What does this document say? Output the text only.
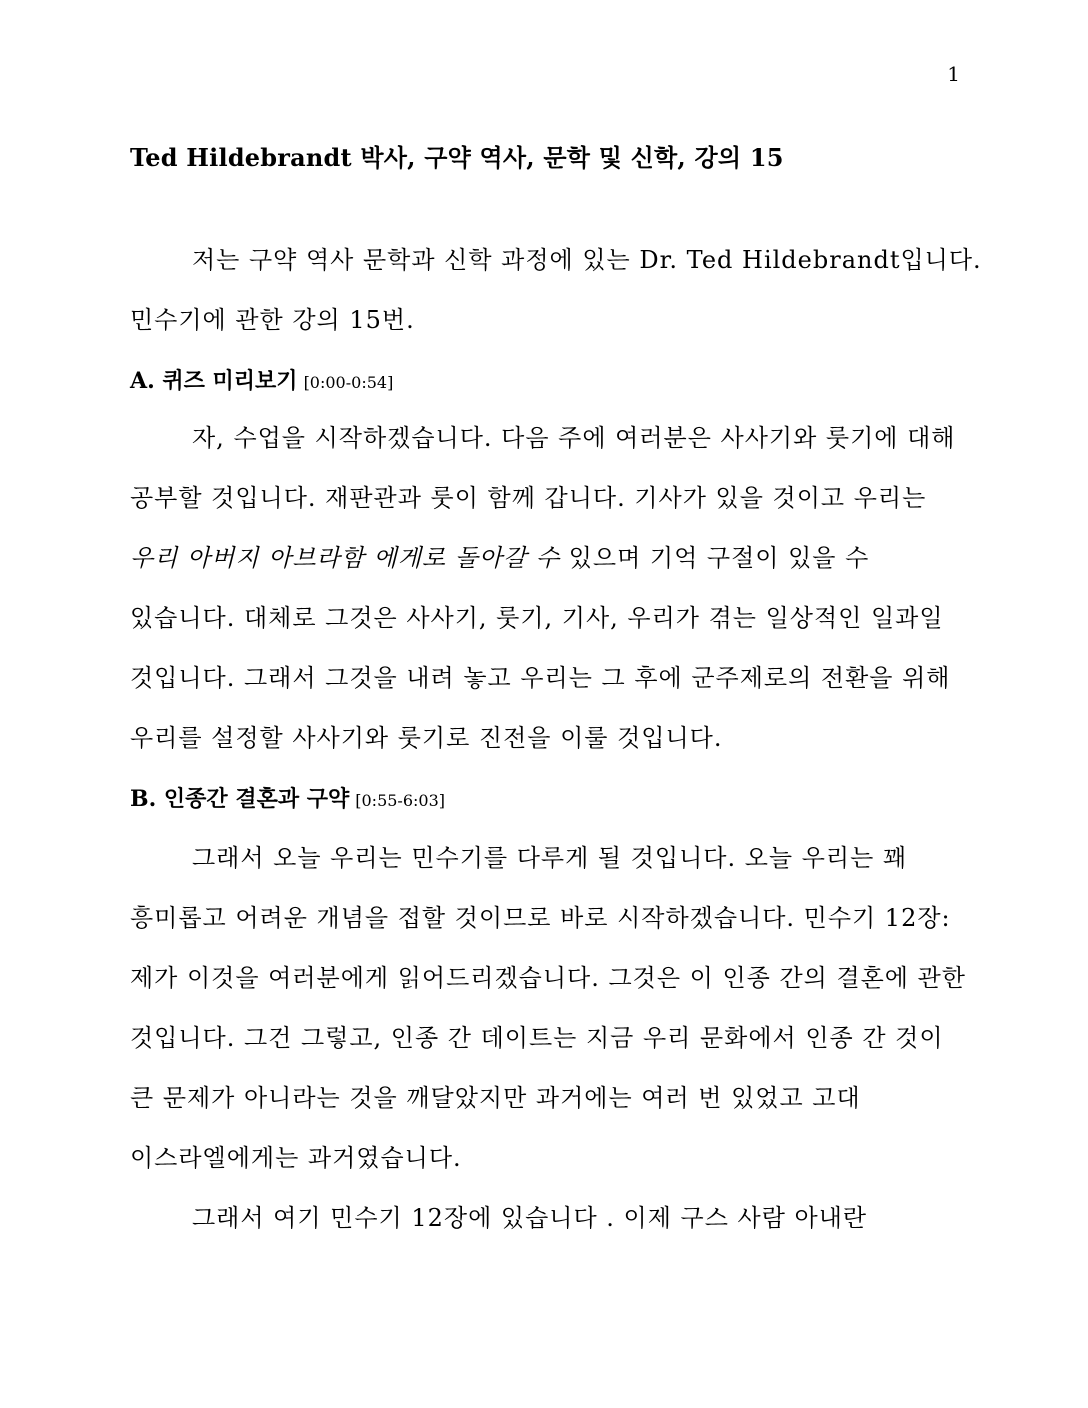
1
Ted Hildebrandt 박사, 구약 역사, 문학 및 신학, 강의 15

저는 구약 역사 문학과 신학 과정에 있는 Dr. Ted Hildebrandt입니다.

민수기에 관한 강의 15번.

A. 퀴즈 미리보기 [0:00-0:54]

자, 수업을 시작하겠습니다. 다음 주에 여러분은 사사기와 룻기에 대해

공부할 것입니다. 재판관과 룻이 함께 갑니다. 기사가 있을 것이고 우리는

우리 아버지 아브라함 에게로 돌아갈 수 있으며 기억 구절이 있을 수

있습니다. 대체로 그것은 사사기, 룻기, 기사, 우리가 겪는 일상적인 일과일

것입니다. 그래서 그것을 내려 놓고 우리는 그 후에 군주제로의 전환을 위해

우리를 설정할 사사기와 룻기로 진전을 이룰 것입니다.

B. 인종간 결혼과 구약 [0:55-6:03]

그래서 오늘 우리는 민수기를 다루게 될 것입니다. 오늘 우리는 꽤

흥미롭고 어려운 개념을 접할 것이므로 바로 시작하겠습니다. 민수기 12장:

제가 이것을 여러분에게 읽어드리겠습니다. 그것은 이 인종 간의 결혼에 관한

것입니다. 그건 그렇고, 인종 간 데이트는 지금 우리 문화에서 인종 간 것이

큰 문제가 아니라는 것을 깨달았지만 과거에는 여러 번 있었고 고대

이스라엘에게는 과거였습니다.

그래서 여기 민수기 12장에 있습니다 . 이제 구스 사람 아내란
